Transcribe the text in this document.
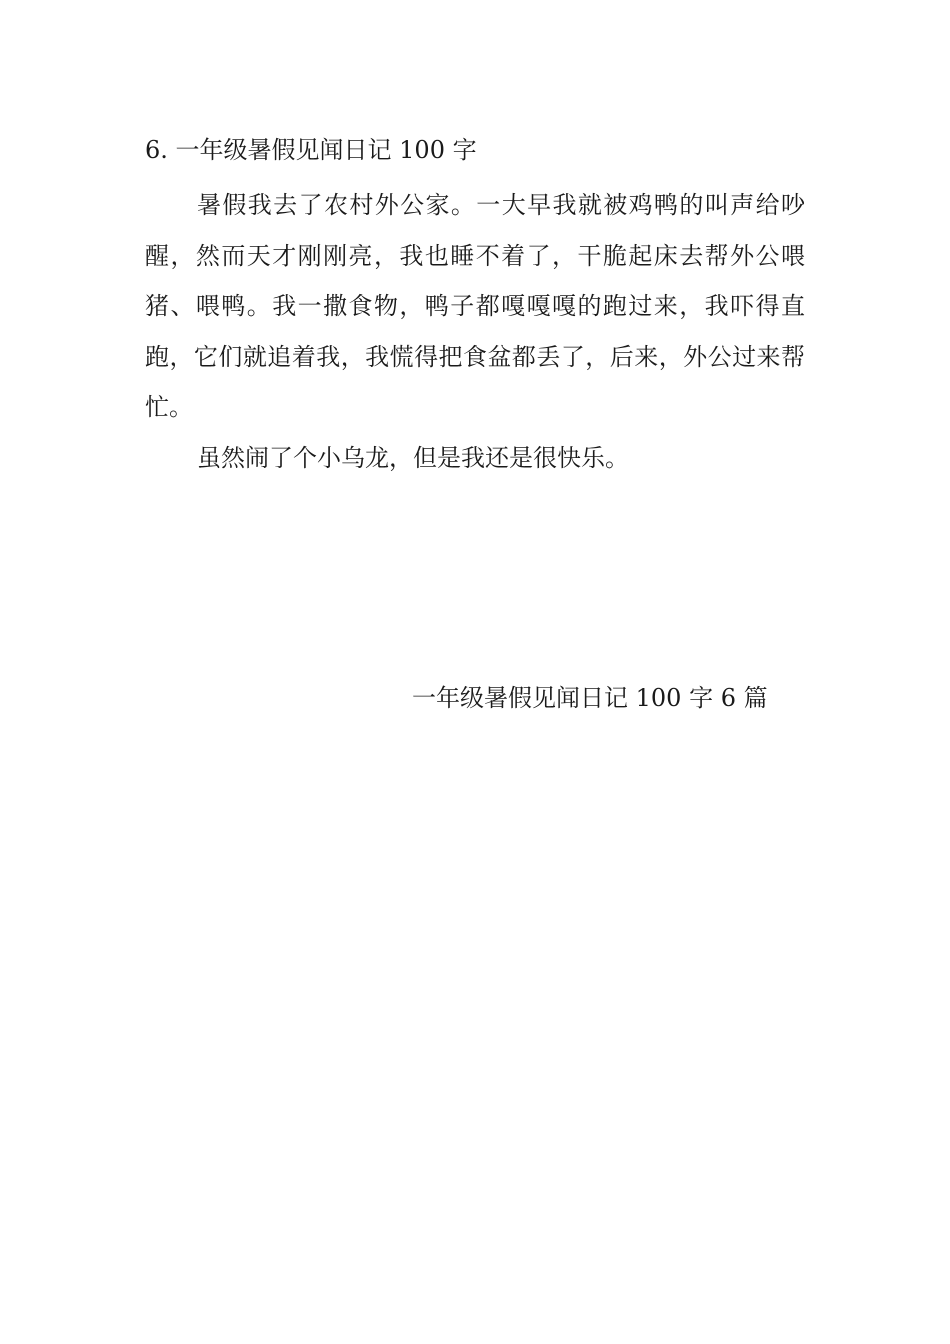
6. 一年级暑假见闻日记 100 字

暑假我去了农村外公家。一大早我就被鸡鸭的叫声给吵醒，然而天才刚刚亮，我也睡不着了，干脆起床去帮外公喂猪、喂鸭。我一撒食物，鸭子都嘎嘎嘎的跑过来，我吓得直跑，它们就追着我，我慌得把食盆都丢了，后来，外公过来帮忙。

虽然闹了个小乌龙，但是我还是很快乐。

一年级暑假见闻日记 100 字 6 篇
